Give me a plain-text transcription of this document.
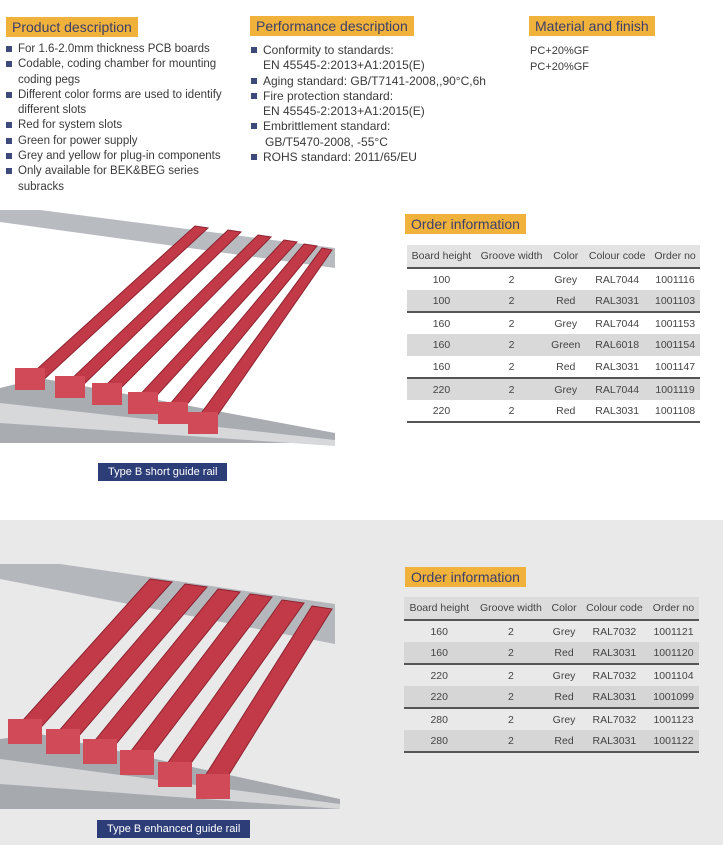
Product description
For 1.6-2.0mm thickness PCB boards
Codable, coding chamber for mounting coding pegs
Different color forms are used to identify different slots
Red for system slots
Green for power supply
Grey and yellow for plug-in components
Only available for BEK&BEG series subracks
Performance description
Conformity to standards:
EN 45545-2:2013+A1:2015(E)
Aging standard: GB/T7141-2008,,90°C,6h
Fire protection standard:
EN 45545-2:2013+A1:2015(E)
Embrittlement standard:
GB/T5470-2008, -55°C
ROHS standard: 2011/65/EU
Material and finish
PC+20%GF
PC+20%GF
Type B short guide rail
Order information
Board height	Groove width	Color	Colour code	Order no
100	2	Grey	RAL7044	1001116
100	2	Red	RAL3031	1001103
160	2	Grey	RAL7044	1001153
160	2	Green	RAL6018	1001154
160	2	Red	RAL3031	1001147
220	2	Grey	RAL7044	1001119
220	2	Red	RAL3031	1001108
Type B enhanced guide rail
Order information
Board height	Groove width	Color	Colour code	Order no
160	2	Grey	RAL7032	1001121
160	2	Red	RAL3031	1001120
220	2	Grey	RAL7032	1001104
220	2	Red	RAL3031	1001099
280	2	Grey	RAL7032	1001123
280	2	Red	RAL3031	1001122
